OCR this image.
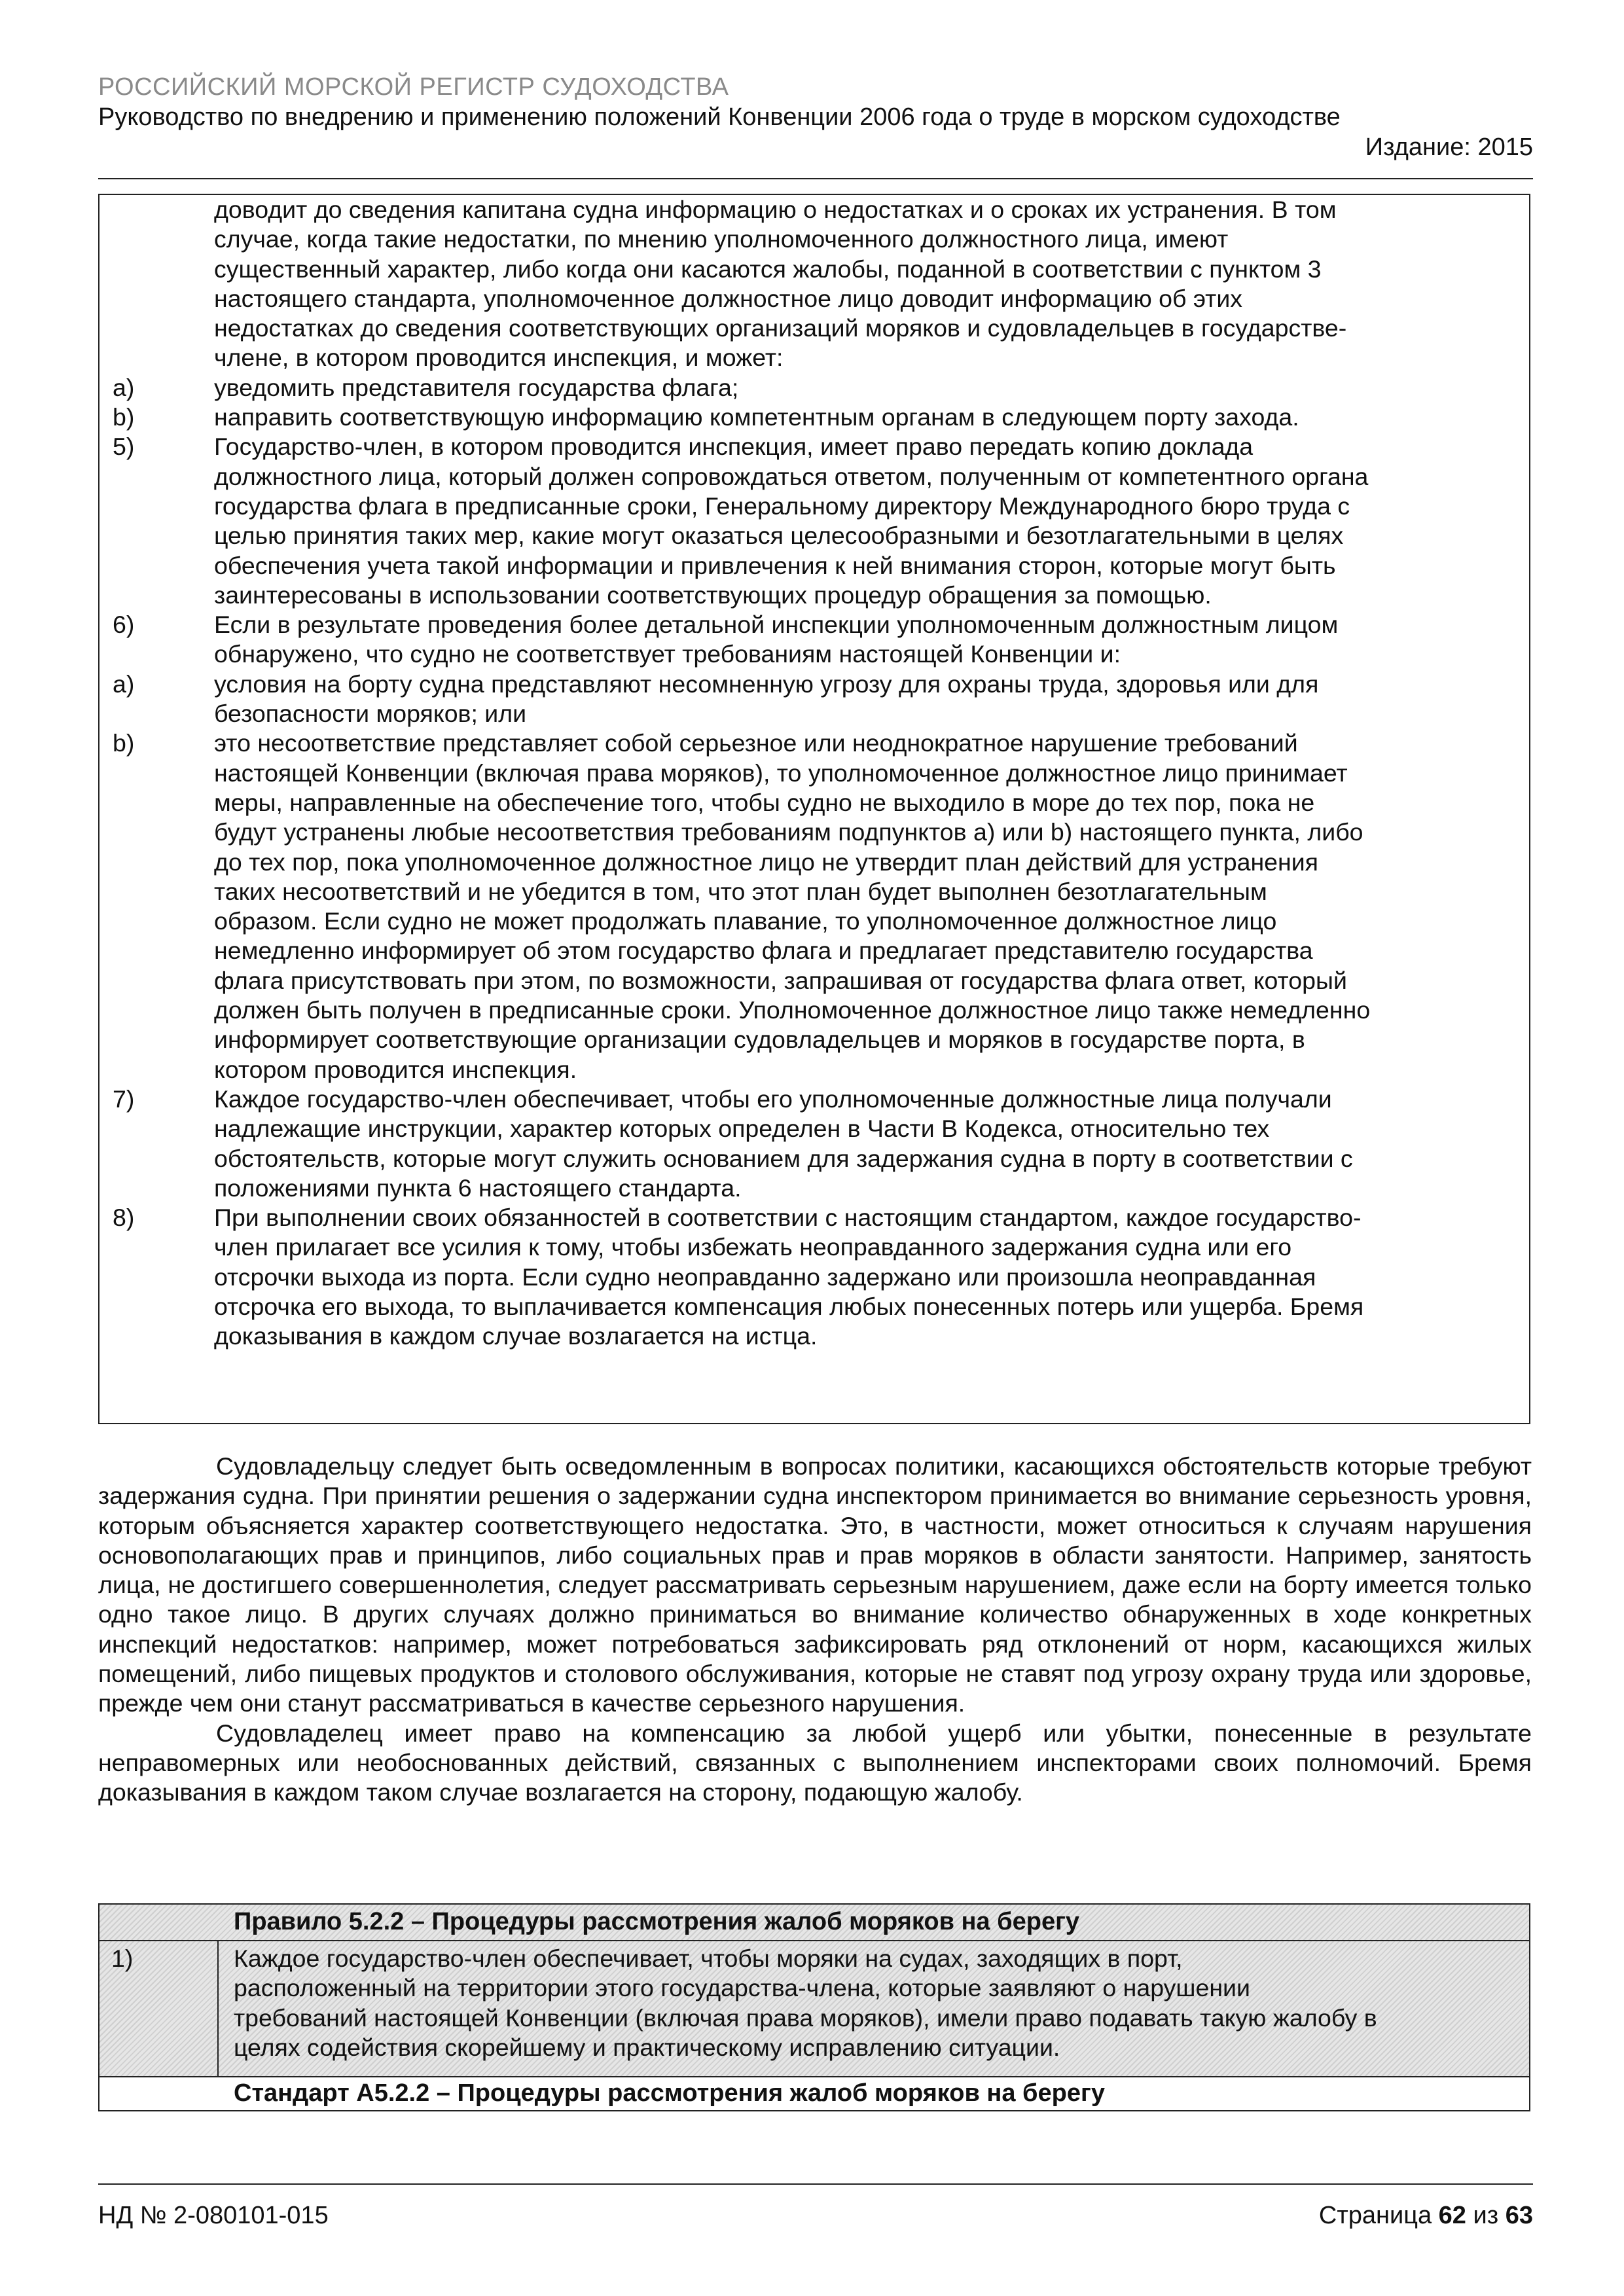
РОССИЙСКИЙ МОРСКОЙ РЕГИСТР СУДОХОДСТВА
Руководство по внедрению и применению положений Конвенции 2006 года о труде в морском судоходстве
Издание: 2015
доводит до сведения капитана судна информацию о недостатках и о сроках их устранения. В том
случае, когда такие недостатки, по мнению уполномоченного должностного лица, имеют
существенный характер, либо когда они касаются жалобы, поданной в соответствии с пунктом 3
настоящего стандарта, уполномоченное должностное лицо доводит информацию об этих
недостатках до сведения соответствующих организаций моряков и судовладельцев в государстве-
члене, в котором проводится инспекция, и может:
a)	уведомить представителя государства флага;
b)	направить соответствующую информацию компетентным органам в следующем порту захода.
5)	Государство-член, в котором проводится инспекция, имеет право передать копию доклада
должностного лица, который должен сопровождаться ответом, полученным от компетентного органа
государства флага в предписанные сроки, Генеральному директору Международного бюро труда с
целью принятия таких мер, какие могут оказаться целесообразными и безотлагательными в целях
обеспечения учета такой информации и привлечения к ней внимания сторон, которые могут быть
заинтересованы в использовании соответствующих процедур обращения за помощью.
6)	Если в результате проведения более детальной инспекции уполномоченным должностным лицом
обнаружено, что судно не соответствует требованиям настоящей Конвенции и:
a)	условия на борту судна представляют несомненную угрозу для охраны труда, здоровья или для
безопасности моряков; или
b)	это несоответствие представляет собой серьезное или неоднократное нарушение требований
настоящей Конвенции (включая права моряков), то уполномоченное должностное лицо принимает
меры, направленные на обеспечение того, чтобы судно не выходило в море до тех пор, пока не
будут устранены любые несоответствия требованиям подпунктов a) или b) настоящего пункта, либо
до тех пор, пока уполномоченное должностное лицо не утвердит план действий для устранения
таких несоответствий и не убедится в том, что этот план будет выполнен безотлагательным
образом. Если судно не может продолжать плавание, то уполномоченное должностное лицо
немедленно информирует об этом государство флага и предлагает представителю государства
флага присутствовать при этом, по возможности, запрашивая от государства флага ответ, который
должен быть получен в предписанные сроки. Уполномоченное должностное лицо также немедленно
информирует соответствующие организации судовладельцев и моряков в государстве порта, в
котором проводится инспекция.
7)	Каждое государство-член обеспечивает, чтобы его уполномоченные должностные лица получали
надлежащие инструкции, характер которых определен в Части В Кодекса, относительно тех
обстоятельств, которые могут служить основанием для задержания судна в порту в соответствии с
положениями пункта 6 настоящего стандарта.
8)	При выполнении своих обязанностей в соответствии с настоящим стандартом, каждое государство-
член прилагает все усилия к тому, чтобы избежать неоправданного задержания судна или его
отсрочки выхода из порта. Если судно неоправданно задержано или произошла неоправданная
отсрочка его выхода, то выплачивается компенсация любых понесенных потерь или ущерба. Бремя
доказывания в каждом случае возлагается на истца.
Судовладельцу следует быть осведомленным в вопросах политики, касающихся обстоятельств которые требуют задержания судна. При принятии решения о задержании судна инспектором принимается во внимание серьезность уровня, которым объясняется характер соответствующего недостатка. Это, в частности, может относиться к случаям нарушения основополагающих прав и принципов, либо социальных прав и прав моряков в области занятости. Например, занятость лица, не достигшего совершеннолетия, следует рассматривать серьезным нарушением, даже если на борту имеется только одно такое лицо. В других случаях должно приниматься во внимание количество обнаруженных в ходе конкретных инспекций недостатков: например, может потребоваться зафиксировать ряд отклонений от норм, касающихся жилых помещений, либо пищевых продуктов и столового обслуживания, которые не ставят под угрозу охрану труда или здоровье, прежде чем они станут рассматриваться в качестве серьезного нарушения.
Судовладелец имеет право на компенсацию за любой ущерб или убытки, понесенные в результате неправомерных или необоснованных действий, связанных с выполнением инспекторами своих полномочий. Бремя доказывания в каждом таком случае возлагается на сторону, подающую жалобу.
Правило 5.2.2 – Процедуры рассмотрения жалоб моряков на берегу
1)	Каждое государство-член обеспечивает, чтобы моряки на судах, заходящих в порт,
расположенный на территории этого государства-члена, которые заявляют о нарушении
требований настоящей Конвенции (включая права моряков), имели право подавать такую жалобу в
целях содействия скорейшему и практическому исправлению ситуации.
Стандарт А5.2.2 – Процедуры рассмотрения жалоб моряков на берегу
НД № 2-080101-015	Страница 62 из 63
